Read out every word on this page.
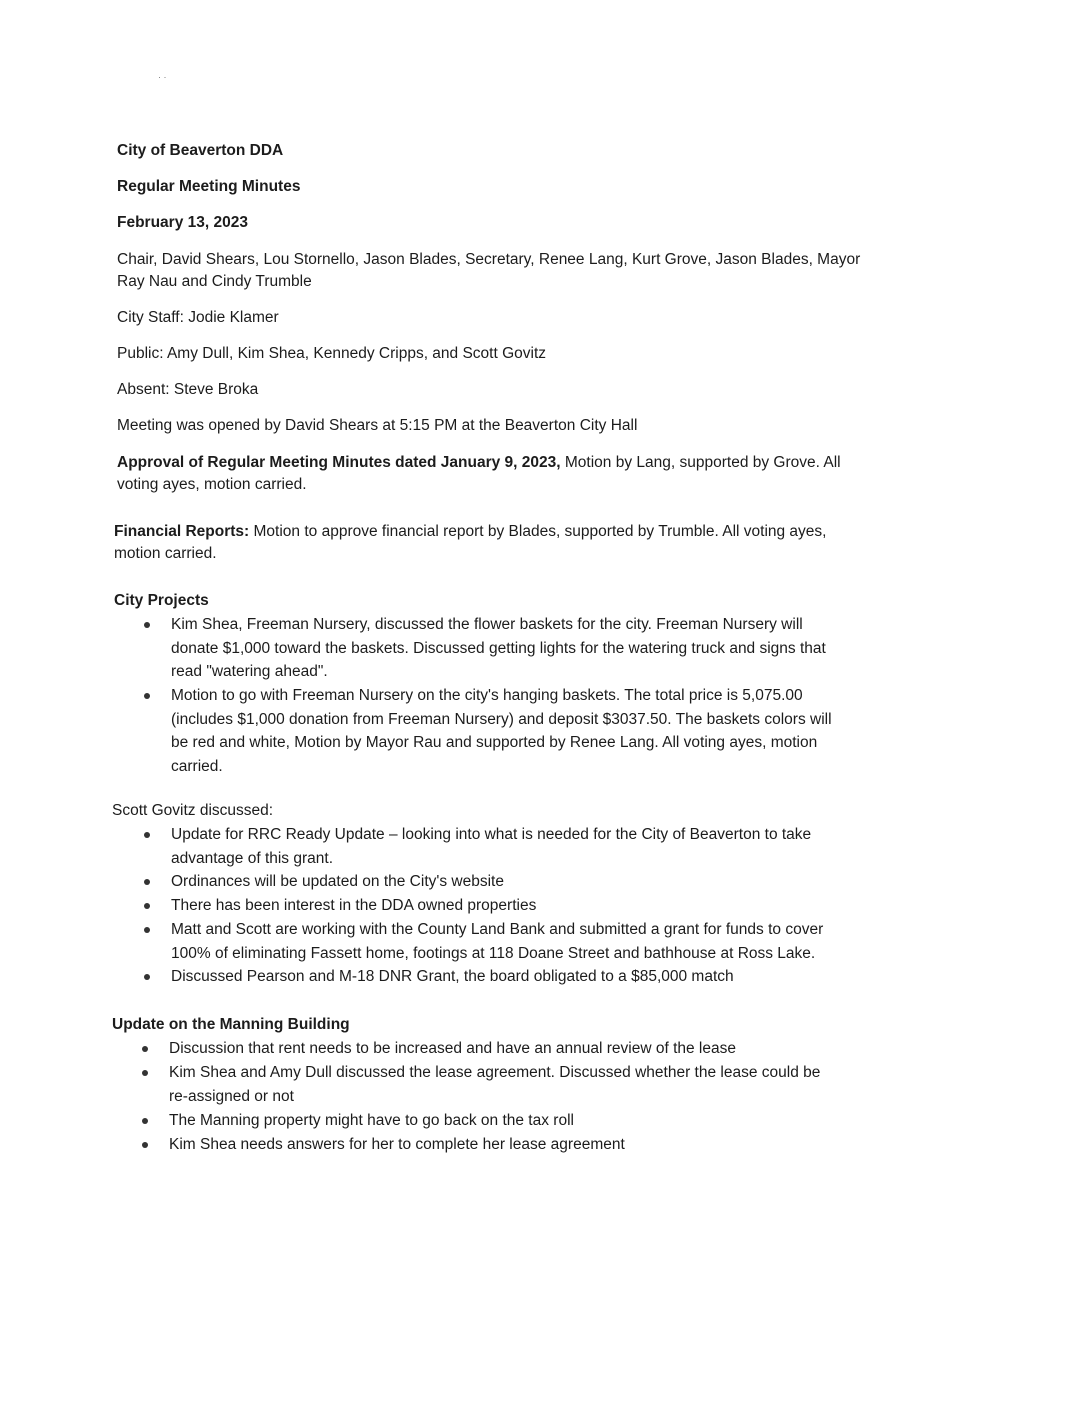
· ·
City of Beaverton DDA
Regular Meeting Minutes
February 13, 2023
Chair, David Shears, Lou Stornello, Jason Blades, Secretary, Renee Lang, Kurt Grove, Jason Blades, Mayor
Ray Nau and Cindy Trumble
City Staff: Jodie Klamer
Public: Amy Dull, Kim Shea, Kennedy Cripps, and Scott Govitz
Absent: Steve Broka
Meeting was opened by David Shears at 5:15 PM at the Beaverton City Hall
Approval of Regular Meeting Minutes dated January 9, 2023, Motion by Lang, supported by Grove. All
voting ayes, motion carried.
Financial Reports: Motion to approve financial report by Blades, supported by Trumble. All voting ayes,
motion carried.
City Projects
Kim Shea, Freeman Nursery, discussed the flower baskets for the city. Freeman Nursery will
donate $1,000 toward the baskets. Discussed getting lights for the watering truck and signs that
read "watering ahead".
Motion to go with Freeman Nursery on the city's hanging baskets. The total price is 5,075.00
(includes $1,000 donation from Freeman Nursery) and deposit $3037.50. The baskets colors will
be red and white, Motion by Mayor Rau and supported by Renee Lang. All voting ayes, motion
carried.
Scott Govitz discussed:
Update for RRC Ready Update – looking into what is needed for the City of Beaverton to take
advantage of this grant.
Ordinances will be updated on the City's website
There has been interest in the DDA owned properties
Matt and Scott are working with the County Land Bank and submitted a grant for funds to cover
100% of eliminating Fassett home, footings at 118 Doane Street and bathhouse at Ross Lake.
Discussed Pearson and M-18 DNR Grant, the board obligated to a $85,000 match
Update on the Manning Building
Discussion that rent needs to be increased and have an annual review of the lease
Kim Shea and Amy Dull discussed the lease agreement. Discussed whether the lease could be
re-assigned or not
The Manning property might have to go back on the tax roll
Kim Shea needs answers for her to complete her lease agreement
